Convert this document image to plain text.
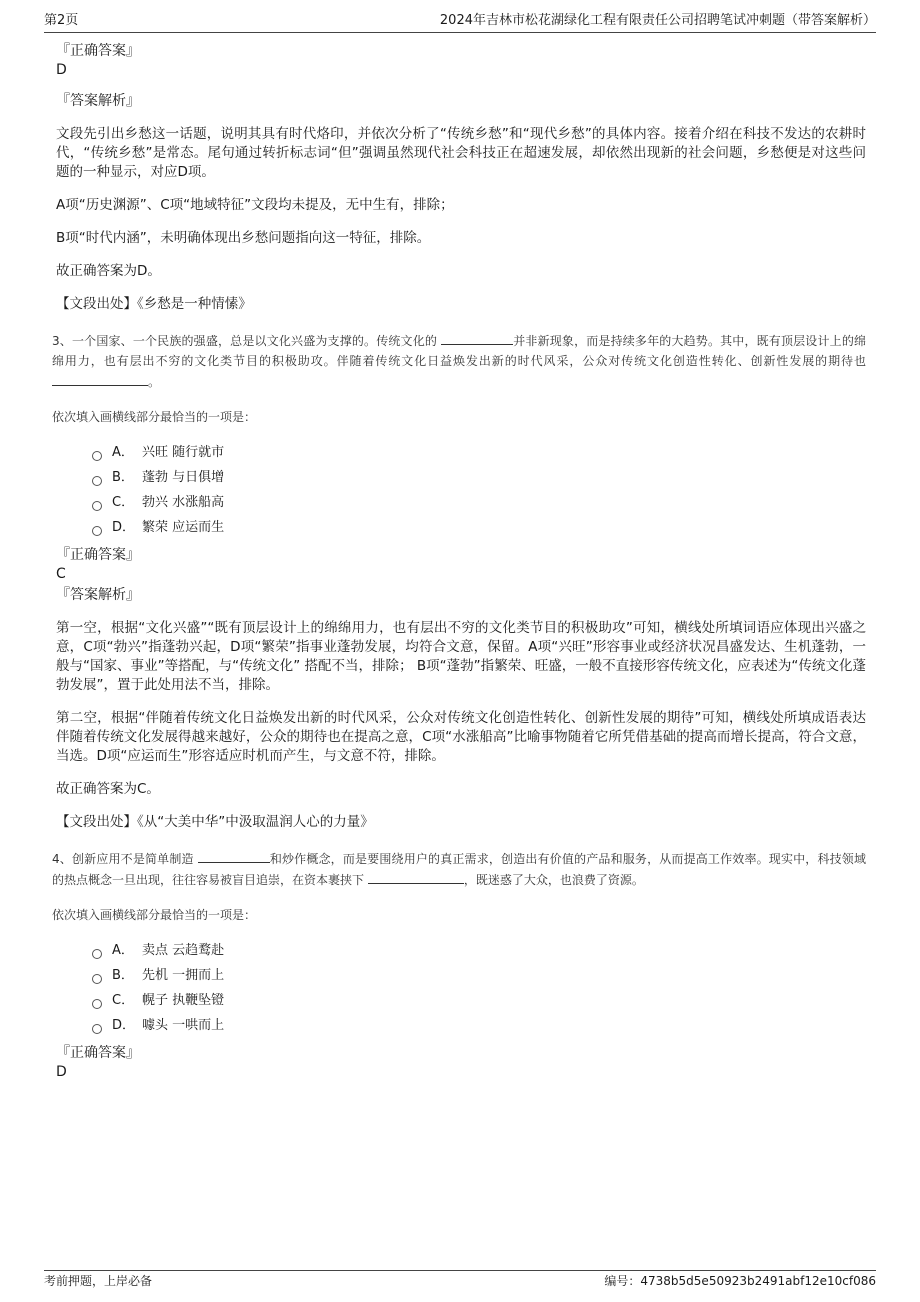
第2页	2024年吉林市松花湖绿化工程有限责任公司招聘笔试冲刺题（带答案解析）
『正确答案』
D
『答案解析』

文段先引出乡愁这一话题，说明其具有时代烙印，并依次分析了“传统乡愁”和“现代乡愁”的具体内容。接着介绍在科技不发达的农耕时代，“传统乡愁”是常态。尾句通过转折标志词“但”强调虽然现代社会科技正在超速发展，却依然出现新的社会问题，乡愁便是对这些问题的一种显示，对应D项。

A项“历史渊源”、C项“地域特征”文段均未提及，无中生有，排除；

B项“时代内涵”，未明确体现出乡愁问题指向这一特征，排除。

故正确答案为D。

【文段出处】《乡愁是一种情愫》

3、一个国家、一个民族的强盛，总是以文化兴盛为支撑的。传统文化的	并非新现象，而是持续多年的大趋势。其中，既有顶层设计上的绵绵用力，也有层出不穷的文化类节目的积极助攻。伴随着传统文化日益焕发出新的时代风采，公众对传统文化创造性转化、创新性发展的期待也 。

依次填入画横线部分最恰当的一项是：

A． 兴旺 随行就市
B． 蓬勃 与日俱增
C． 勃兴 水涨船高
D． 繁荣 应运而生
『正确答案』
C
『答案解析』

第一空，根据“文化兴盛”“既有顶层设计上的绵绵用力，也有层出不穷的文化类节目的积极助攻”可知，横线处所填词语应体现出兴盛之意，C项“勃兴”指蓬勃兴起，D项“繁荣”指事业蓬勃发展，均符合文意，保留。A项“兴旺”形容事业或经济状况昌盛发达、生机蓬勃，一般与“国家、事业”等搭配，与“传统文化” 搭配不当，排除； B项“蓬勃”指繁荣、旺盛，一般不直接形容传统文化，应表述为“传统文化蓬勃发展”，置于此处用法不当，排除。

第二空，根据“伴随着传统文化日益焕发出新的时代风采，公众对传统文化创造性转化、创新性发展的期待”可知，横线处所填成语表达伴随着传统文化发展得越来越好，公众的期待也在提高之意，C项“水涨船高”比喻事物随着它所凭借基础的提高而增长提高，符合文意，当选。D项“应运而生”形容适应时机而产生，与文意不符，排除。

故正确答案为C。

【文段出处】《从“大美中华”中汲取温润人心的力量》

4、创新应用不是简单制造	和炒作概念，而是要围绕用户的真正需求，创造出有价值的产品和服务，从而提高工作效率。现实中，科技领域的热点概念一旦出现，往往容易被盲目追崇，在资本裹挟下	，既迷惑了大众，也浪费了资源。

依次填入画横线部分最恰当的一项是：

A． 卖点 云趋鹜赴
B． 先机 一拥而上
C． 幌子 执鞭坠镫
D． 噱头 一哄而上
『正确答案』
D
考前押题，上岸必备	编号：4738b5d5e50923b2491abf12e10cf086
